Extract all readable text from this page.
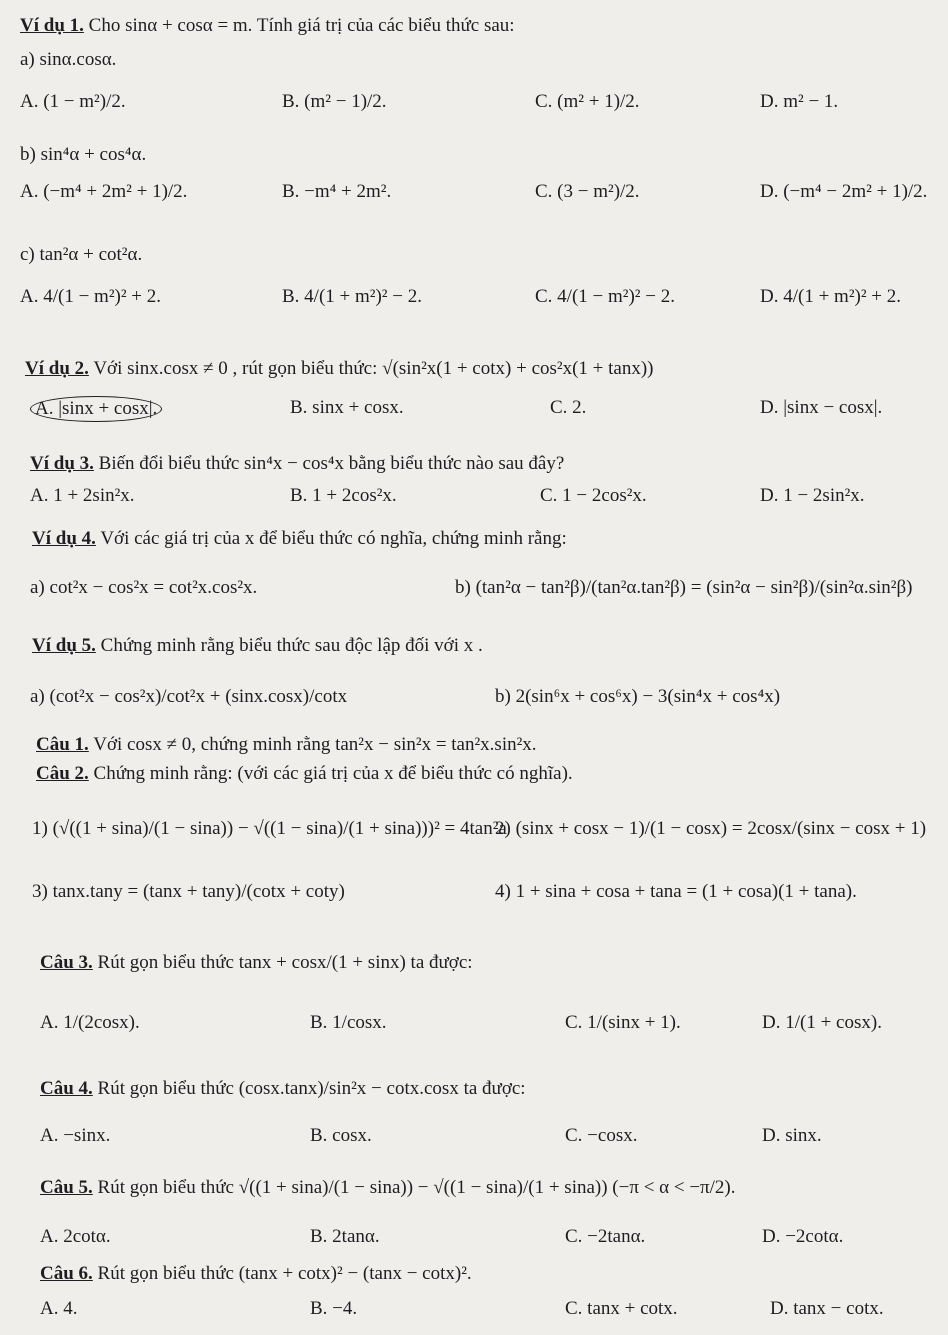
Ví dụ 1. Cho sinα + cosα = m. Tính giá trị của các biểu thức sau:
a) sinα.cosα.
A. (1 − m²)/2.	B. (m² − 1)/2.	C. (m² + 1)/2.	D. m² − 1.
b) sin⁴α + cos⁴α.
A. (−m⁴ + 2m² + 1)/2.	B. −m⁴ + 2m².	C. (3 − m²)/2.	D. (−m⁴ − 2m² + 1)/2.
c) tan²α + cot²α.
A. 4/(1 − m²)² + 2.	B. 4/(1 + m²)² − 2.	C. 4/(1 − m²)² − 2.	D. 4/(1 + m²)² + 2.
Ví dụ 2. Với sinx.cosx ≠ 0 , rút gọn biểu thức: √(sin²x(1 + cotx) + cos²x(1 + tanx))
A. |sinx + cosx|.	B. sinx + cosx.	C. 2.	D. |sinx − cosx|.
Ví dụ 3. Biến đổi biểu thức sin⁴x − cos⁴x bằng biểu thức nào sau đây?
A. 1 + 2sin²x.	B. 1 + 2cos²x.	C. 1 − 2cos²x.	D. 1 − 2sin²x.
Ví dụ 4. Với các giá trị của x để biểu thức có nghĩa, chứng minh rằng:
a) cot²x − cos²x = cot²x.cos²x.	b) (tan²α − tan²β)/(tan²α.tan²β) = (sin²α − sin²β)/(sin²α.sin²β)
Ví dụ 5. Chứng minh rằng biểu thức sau độc lập đối với x .
a) (cot²x − cos²x)/cot²x + (sinx.cosx)/cotx	b) 2(sin⁶x + cos⁶x) − 3(sin⁴x + cos⁴x)
Câu 1. Với cosx ≠ 0, chứng minh rằng tan²x − sin²x = tan²x.sin²x.
Câu 2. Chứng minh rằng: (với các giá trị của x để biểu thức có nghĩa).
1) (√((1 + sina)/(1 − sina)) − √((1 − sina)/(1 + sina)))² = 4tan²a
2) (sinx + cosx − 1)/(1 − cosx) = 2cosx/(sinx − cosx + 1)
3) tanx.tany = (tanx + tany)/(cotx + coty)	4) 1 + sina + cosa + tana = (1 + cosa)(1 + tana).
Câu 3. Rút gọn biểu thức tanx + cosx/(1 + sinx) ta được:
A. 1/(2cosx).	B. 1/cosx.	C. 1/(sinx + 1).	D. 1/(1 + cosx).
Câu 4. Rút gọn biểu thức (cosx.tanx)/sin²x − cotx.cosx ta được:
A. −sinx.	B. cosx.	C. −cosx.	D. sinx.
Câu 5. Rút gọn biểu thức √((1 + sina)/(1 − sina)) − √((1 − sina)/(1 + sina)) (−π < α < −π/2).
A. 2cotα.	B. 2tanα.	C. −2tanα.	D. −2cotα.
Câu 6. Rút gọn biểu thức (tanx + cotx)² − (tanx − cotx)².
A. 4.	B. −4.	C. tanx + cotx.	D. tanx − cotx.
